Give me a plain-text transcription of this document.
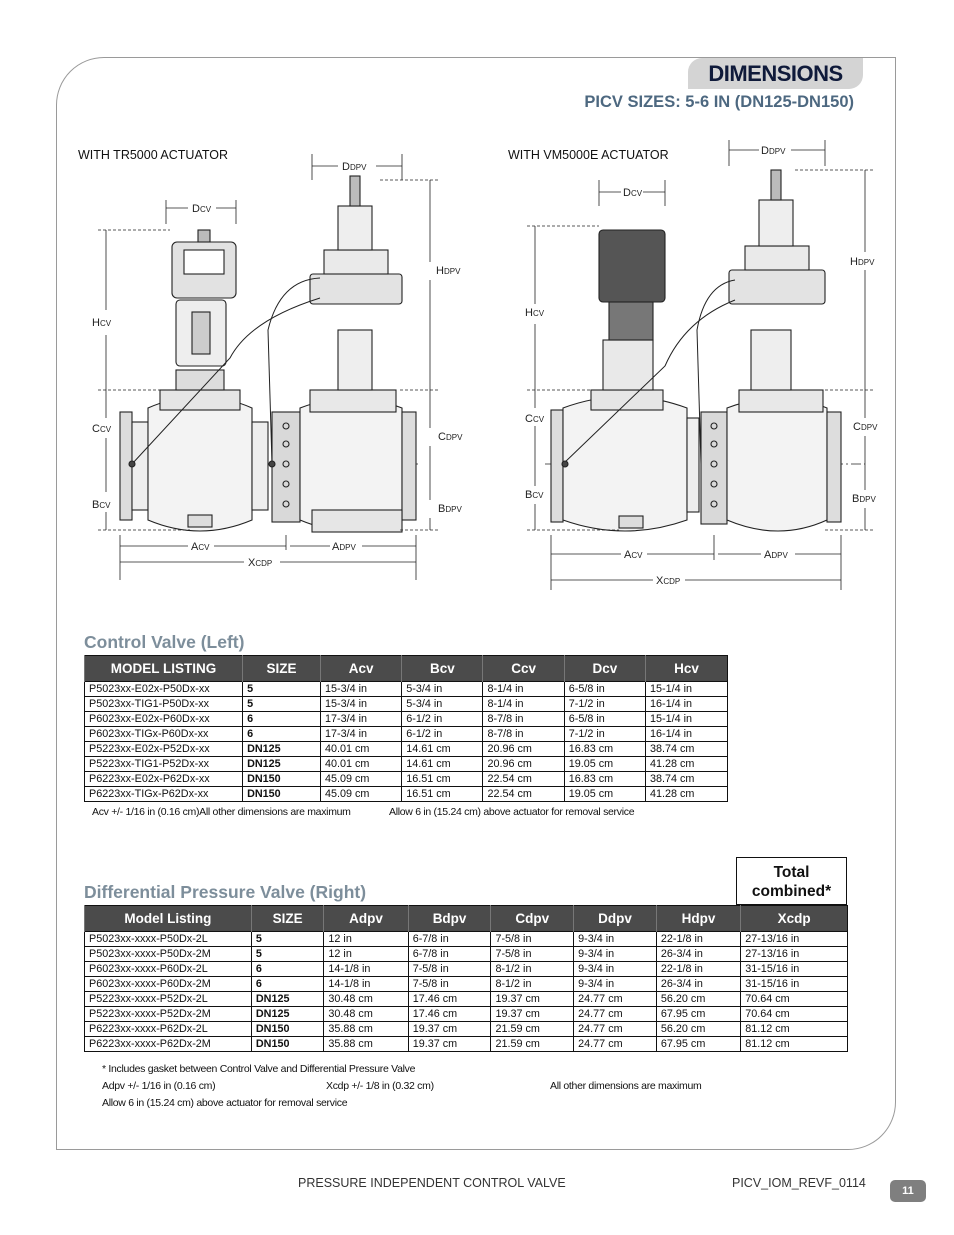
DIMENSIONS
PICV SIZES: 5-6 IN (DN125-DN150)
WITH TR5000 ACTUATOR	WITH VM5000E ACTUATOR
DCV
DDPV
HCV
CCV
BCV
HDPV
CDPV
BDPV
ACV	ADPV
XCDP
DCV
DDPV
HCV
CCV
BCV
HDPV
CDPV
BDPV
ACV	ADPV
XCDP
Control Valve (Left)
MODEL LISTING	SIZE	Acv	Bcv	Ccv	Dcv	Hcv
P5023xx-E02x-P50Dx-xx	5	15-3/4 in	5-3/4 in	8-1/4 in	6-5/8 in	15-1/4 in
P5023xx-TIG1-P50Dx-xx	5	15-3/4 in	5-3/4 in	8-1/4 in	7-1/2 in	16-1/4 in
P6023xx-E02x-P60Dx-xx	6	17-3/4 in	6-1/2 in	8-7/8 in	6-5/8 in	15-1/4 in
P6023xx-TIGx-P60Dx-xx	6	17-3/4 in	6-1/2 in	8-7/8 in	7-1/2 in	16-1/4 in
P5223xx-E02x-P52Dx-xx	DN125	40.01 cm	14.61 cm	20.96 cm	16.83 cm	38.74 cm
P5223xx-TIG1-P52Dx-xx	DN125	40.01 cm	14.61 cm	20.96 cm	19.05 cm	41.28 cm
P6223xx-E02x-P62Dx-xx	DN150	45.09 cm	16.51 cm	22.54 cm	16.83 cm	38.74 cm
P6223xx-TIGx-P62Dx-xx	DN150	45.09 cm	16.51 cm	22.54 cm	19.05 cm	41.28 cm
Acv +/- 1/16 in (0.16 cm)All other dimensions are maximum	Allow 6 in (15.24 cm) above actuator for removal service
Total
combined*
Differential Pressure Valve (Right)
Model Listing	SIZE	Adpv	Bdpv	Cdpv	Ddpv	Hdpv	Xcdp
P5023xx-xxxx-P50Dx-2L	5	12 in	6-7/8 in	7-5/8 in	9-3/4 in	22-1/8 in	27-13/16 in
P5023xx-xxxx-P50Dx-2M	5	12 in	6-7/8 in	7-5/8 in	9-3/4 in	26-3/4 in	27-13/16 in
P6023xx-xxxx-P60Dx-2L	6	14-1/8 in	7-5/8 in	8-1/2 in	9-3/4 in	22-1/8 in	31-15/16 in
P6023xx-xxxx-P60Dx-2M	6	14-1/8 in	7-5/8 in	8-1/2 in	9-3/4 in	26-3/4 in	31-15/16 in
P5223xx-xxxx-P52Dx-2L	DN125	30.48 cm	17.46 cm	19.37 cm	24.77 cm	56.20 cm	70.64 cm
P5223xx-xxxx-P52Dx-2M	DN125	30.48 cm	17.46 cm	19.37 cm	24.77 cm	67.95 cm	70.64 cm
P6223xx-xxxx-P62Dx-2L	DN150	35.88 cm	19.37 cm	21.59 cm	24.77 cm	56.20 cm	81.12 cm
P6223xx-xxxx-P62Dx-2M	DN150	35.88 cm	19.37 cm	21.59 cm	24.77 cm	67.95 cm	81.12 cm
* Includes gasket between Control Valve and Differential Pressure Valve
Adpv +/- 1/16 in (0.16 cm)	Xcdp +/- 1/8 in (0.32 cm)	All other dimensions are maximum
Allow 6 in (15.24 cm) above actuator for removal service
PRESSURE INDEPENDENT CONTROL VALVE	PICV_IOM_REVF_0114
11
